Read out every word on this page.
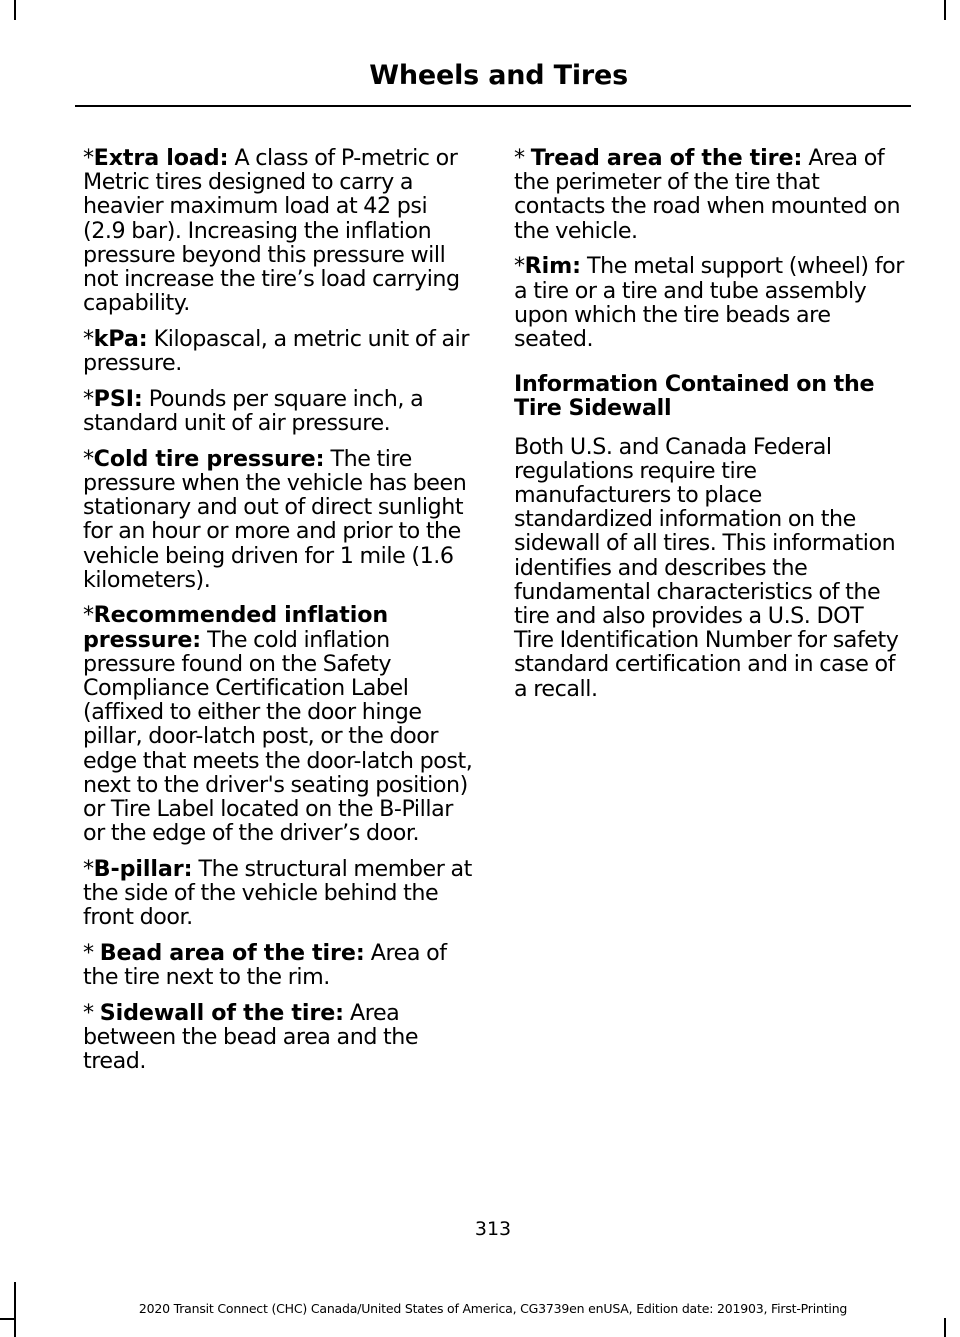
Wheels and Tires

*Extra load: A class of P-metric or Metric tires designed to carry a heavier maximum load at 42 psi (2.9 bar). Increasing the inflation pressure beyond this pressure will not increase the tire’s load carrying capability.

*kPa: Kilopascal, a metric unit of air pressure.

*PSI: Pounds per square inch, a standard unit of air pressure.

*Cold tire pressure: The tire pressure when the vehicle has been stationary and out of direct sunlight for an hour or more and prior to the vehicle being driven for 1 mile (1.6 kilometers).

*Recommended inflation pressure: The cold inflation pressure found on the Safety Compliance Certification Label (affixed to either the door hinge pillar, door-latch post, or the door edge that meets the door-latch post, next to the driver's seating position) or Tire Label located on the B-Pillar or the edge of the driver’s door.

*B-pillar: The structural member at the side of the vehicle behind the front door.

* Bead area of the tire: Area of the tire next to the rim.

* Sidewall of the tire: Area between the bead area and the tread.

* Tread area of the tire: Area of the perimeter of the tire that contacts the road when mounted on the vehicle.

*Rim: The metal support (wheel) for a tire or a tire and tube assembly upon which the tire beads are seated.

Information Contained on the Tire Sidewall

Both U.S. and Canada Federal regulations require tire manufacturers to place standardized information on the sidewall of all tires. This information identifies and describes the fundamental characteristics of the tire and also provides a U.S. DOT Tire Identification Number for safety standard certification and in case of a recall.

313
2020 Transit Connect (CHC) Canada/United States of America, CG3739en enUSA, Edition date: 201903, First-Printing
